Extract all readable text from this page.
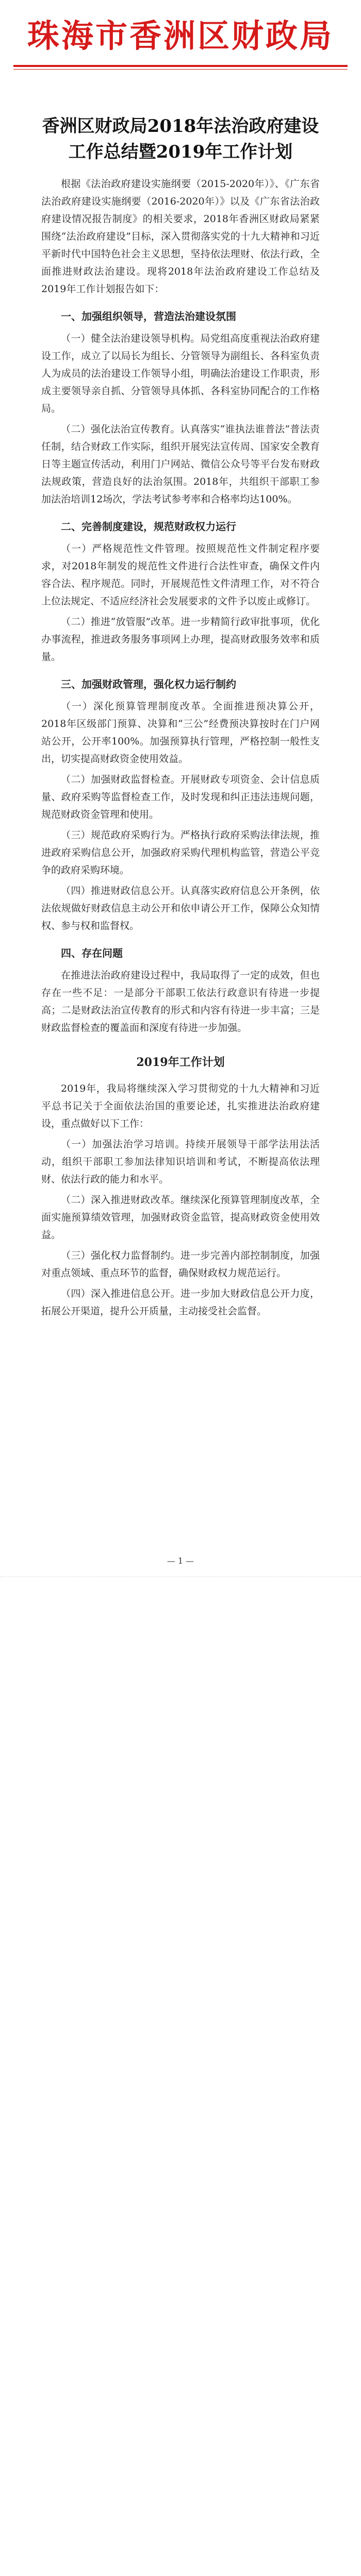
珠海市香洲区财政局
香洲区财政局2018年法治政府建设
工作总结暨2019年工作计划

根据《法治政府建设实施纲要（2015-2020年）》、《广东省法治政府建设实施纲要（2016-2020年）》以及《广东省法治政府建设情况报告制度》的相关要求，2018年香洲区财政局紧紧围绕“法治政府建设”目标，深入贯彻落实党的十九大精神和习近平新时代中国特色社会主义思想，坚持依法理财、依法行政，全面推进财政法治建设。现将2018年法治政府建设工作总结及2019年工作计划报告如下：

一、加强组织领导，营造法治建设氛围

（一）健全法治建设领导机构。局党组高度重视法治政府建设工作，成立了以局长为组长、分管领导为副组长、各科室负责人为成员的法治建设工作领导小组，明确法治建设工作职责，形成主要领导亲自抓、分管领导具体抓、各科室协同配合的工作格局。

（二）强化法治宣传教育。认真落实“谁执法谁普法”普法责任制，结合财政工作实际，组织开展宪法宣传周、国家安全教育日等主题宣传活动，利用门户网站、微信公众号等平台发布财政法规政策，营造良好的法治氛围。2018年，共组织干部职工参加法治培训12场次，学法考试参考率和合格率均达100%。

二、完善制度建设，规范财政权力运行

（一）严格规范性文件管理。按照规范性文件制定程序要求，对2018年制发的规范性文件进行合法性审查，确保文件内容合法、程序规范。同时，开展规范性文件清理工作，对不符合上位法规定、不适应经济社会发展要求的文件予以废止或修订。

（二）推进“放管服”改革。进一步精简行政审批事项，优化办事流程，推进政务服务事项网上办理，提高财政服务效率和质量。

三、加强财政管理，强化权力运行制约

（一）深化预算管理制度改革。全面推进预决算公开，2018年区级部门预算、决算和“三公”经费预决算按时在门户网站公开，公开率100%。加强预算执行管理，严格控制一般性支出，切实提高财政资金使用效益。

（二）加强财政监督检查。开展财政专项资金、会计信息质量、政府采购等监督检查工作，及时发现和纠正违法违规问题，规范财政资金管理和使用。

（三）规范政府采购行为。严格执行政府采购法律法规，推进政府采购信息公开，加强政府采购代理机构监管，营造公平竞争的政府采购环境。

（四）推进财政信息公开。认真落实政府信息公开条例，依法依规做好财政信息主动公开和依申请公开工作，保障公众知情权、参与权和监督权。

四、存在问题

在推进法治政府建设过程中，我局取得了一定的成效，但也存在一些不足：一是部分干部职工依法行政意识有待进一步提高；二是财政法治宣传教育的形式和内容有待进一步丰富；三是财政监督检查的覆盖面和深度有待进一步加强。

2019年工作计划

2019年，我局将继续深入学习贯彻党的十九大精神和习近平总书记关于全面依法治国的重要论述，扎实推进法治政府建设，重点做好以下工作：

（一）加强法治学习培训。持续开展领导干部学法用法活动，组织干部职工参加法律知识培训和考试，不断提高依法理财、依法行政的能力和水平。

（二）深入推进财政改革。继续深化预算管理制度改革，全面实施预算绩效管理，加强财政资金监管，提高财政资金使用效益。

（三）强化权力监督制约。进一步完善内部控制制度，加强对重点领域、重点环节的监督，确保财政权力规范运行。

（四）深入推进信息公开。进一步加大财政信息公开力度，拓展公开渠道，提升公开质量，主动接受社会监督。

— 1 —
